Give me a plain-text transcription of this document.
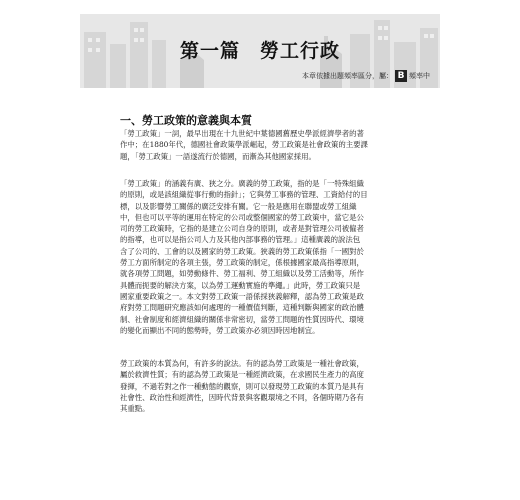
第一篇　勞工行政
本章依據出題頻率區分，屬： B 頻率中
一、勞工政策的意義與本質

「勞工政策」一詞，最早出現在十九世紀中葉德國舊歷史學派經濟學者的著
作中；在1880年代，德國社會政策學派崛起，勞工政策是社會政策的主要課
題，「勞工政策」一語遂流行於德國，而漸為其他國家採用。

「勞工政策」的涵義有廣、狹之分。廣義的勞工政策，指的是「一特殊組織
的原則，或是該組織從事行動的指針」；它與勞工事務的管理、工資給付的目
標，以及影響勞工關係的廣泛安排有關。它一般是應用在聯盟或勞工組織
中，但也可以平等的運用在特定的公司或整個國家的勞工政策中，當它是公
司的勞工政策時，它指的是建立公司自身的原則，或者是對管理公司被僱者
的指導，也可以是指公司人力及其他內部事務的管理。」這種廣義的說法包
含了公司的、工會的以及國家的勞工政策。狹義的勞工政策係指「一國對於
勞工方面所制定的各項主張，勞工政策的制定，係根據國家最高指導原則，
就各項勞工問題，如勞動條件、勞工福利、勞工組織以及勞工活動等，所作
具體而扼要的解決方案，以為勞工運動實施的準繩。」此時，勞工政策只是
國家重要政策之一。本文對勞工政策一語係採狹義解釋，認為勞工政策是政
府對勞工問題研究應該如何處理的一種價值判斷，這種判斷與國家的政治體
制、社會制度和經濟組織的關係非常密切，當勞工問題的性質因時代、環境
的變化而顯出不同的態勢時，勞工政策亦必須因時因地制宜。

勞工政策的本質為何，有許多的說法。有的認為勞工政策是一種社會政策，
屬於救濟性質；有的認為勞工政策是一種經濟政策，在求國民生產力的高度
發揮，不過若對之作一種動態的觀察，則可以發現勞工政策的本質乃是具有
社會性、政治性和經濟性，因時代背景與客觀環境之不同，各個時期乃各有
其重點。
